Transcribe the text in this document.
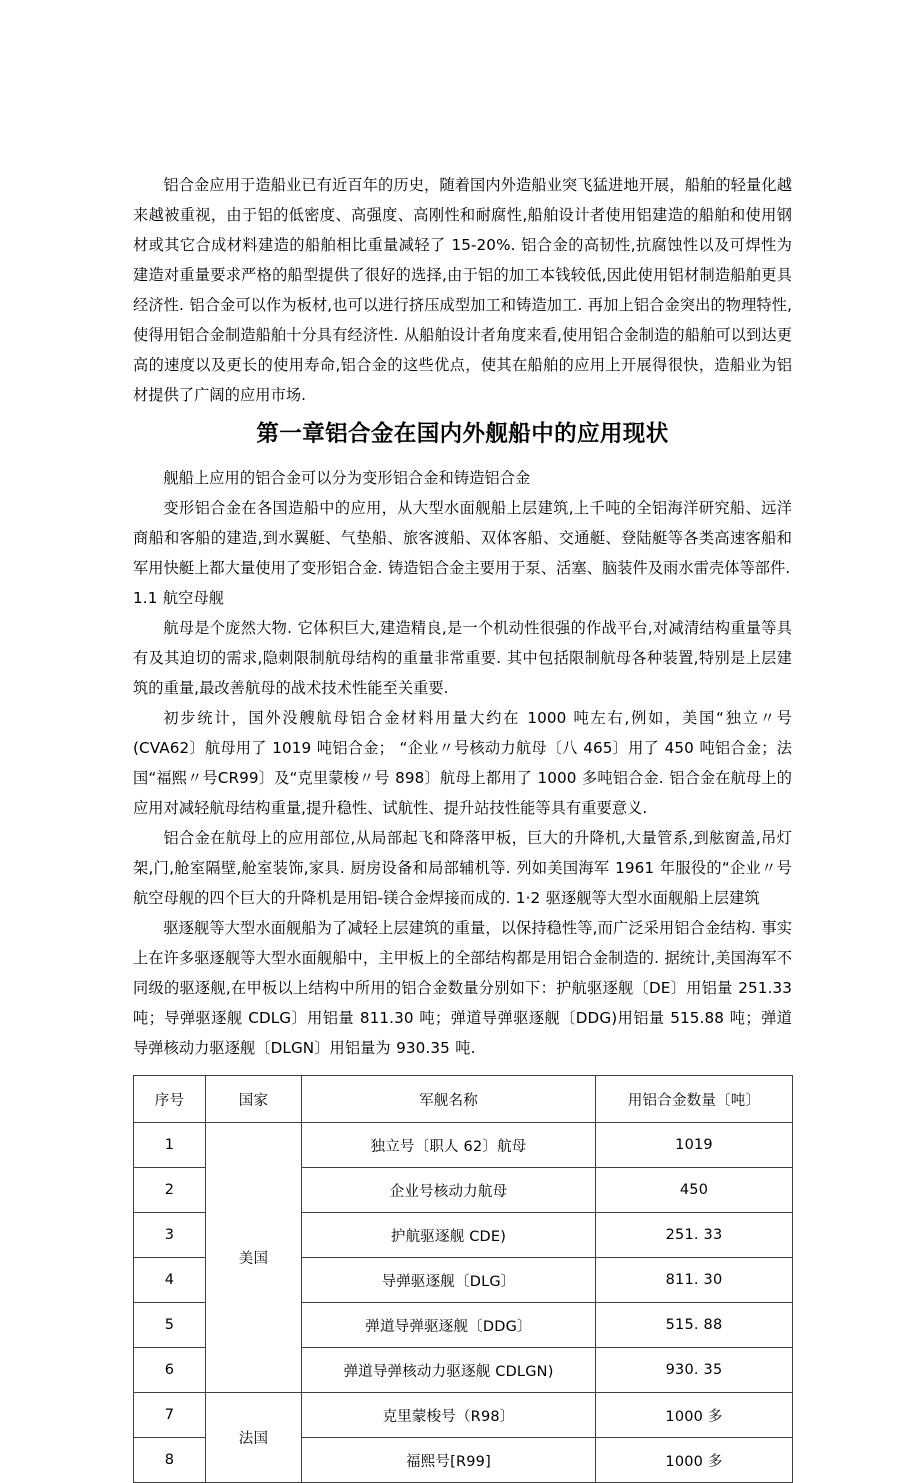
铝合金应用于造船业已有近百年的历史，随着国内外造船业突飞猛进地开展，船舶的轻量化越来越被重视，由于铝的低密度、高强度、高刚性和耐腐性,船舶设计者使用铝建造的船舶和使用钢材或其它合成材料建造的船舶相比重量减轻了 15-20%. 铝合金的高韧性,抗腐蚀性以及可焊性为建造对重量要求严格的船型提供了很好的选择,由于铝的加工本钱较低,因此使用铝材制造船舶更具经济性. 铝合金可以作为板材,也可以进行挤压成型加工和铸造加工. 再加上铝合金突出的物理特性,使得用铝合金制造船舶十分具有经济性. 从船舶设计者角度来看,使用铝合金制造的船舶可以到达更高的速度以及更长的使用寿命,铝合金的这些优点，使其在船舶的应用上开展得很快，造船业为铝材提供了广阔的应用市场.

第一章铝合金在国内外舰船中的应用现状

舰船上应用的铝合金可以分为变形铝合金和铸造铝合金

变形铝合金在各国造船中的应用，从大型水面舰船上层建筑,上千吨的全铝海洋研究船、远洋商船和客船的建造,到水翼艇、气垫船、旅客渡船、双体客船、交通艇、登陆艇等各类高速客船和军用快艇上都大量使用了变形铝合金. 铸造铝合金主要用于泵、活塞、脑装件及雨水雷壳体等部件.

1.1 航空母舰

航母是个庞然大物. 它体积巨大,建造精良,是一个机动性很强的作战平台,对减清结构重量等具有及其迫切的需求,隐刺限制航母结构的重量非常重要. 其中包括限制航母各种装置,特别是上层建筑的重量,最改善航母的战术技术性能至关重要.

初步统计，国外没艘航母铝合金材料用量大约在 1000 吨左右,例如，美国“独立〃号(CVA62〕航母用了 1019 吨铝合金； “企业〃号核动力航母〔八 465〕用了 450 吨铝合金；法国“福熙〃号CR99〕及“克里蒙梭〃号 898〕航母上都用了 1000 多吨铝合金. 铝合金在航母上的应用对减轻航母结构重量,提升稳性、试航性、提升站技性能等具有重要意义.

铝合金在航母上的应用部位,从局部起飞和降落甲板，巨大的升降机,大量管系,到舷窗盖,吊灯架,门,舱室隔壁,舱室装饰,家具. 厨房设备和局部辅机等. 列如美国海军 1961 年服役的“企业〃号航空母舰的四个巨大的升降机是用铝-镁合金焊接而成的. 1·2 驱逐舰等大型水面舰船上层建筑

驱逐舰等大型水面舰船为了减轻上层建筑的重量，以保持稳性等,而广泛采用铝合金结构. 事实上在许多驱逐舰等大型水面舰船中，主甲板上的全部结构都是用铝合金制造的. 据统计,美国海军不同级的驱逐舰,在甲板以上结构中所用的铝合金数量分别如下：护航驱逐舰〔DE〕用铝量 251.33 吨；导弹驱逐舰 CDLG〕用铝量 811.30 吨；弹道导弹驱逐舰〔DDG)用铝量 515.88 吨；弹道导弹核动力驱逐舰〔DLGN〕用铝量为 930.35 吨.

序号	国家	军舰名称	用铝合金数量〔吨〕
1	美国	独立号〔职人 62〕航母	1019
2		企业号核动力航母	450
3		护航驱逐舰 CDE)	251. 33
4		导弹驱逐舰〔DLG〕	811. 30
5		弹道导弹驱逐舰〔DDG〕	515. 88
6		弹道导弹核动力驱逐舰 CDLGN)	930. 35
7	法国	克里蒙梭号（R98〕	1000 多
8		福熙号[R99]	1000 多
